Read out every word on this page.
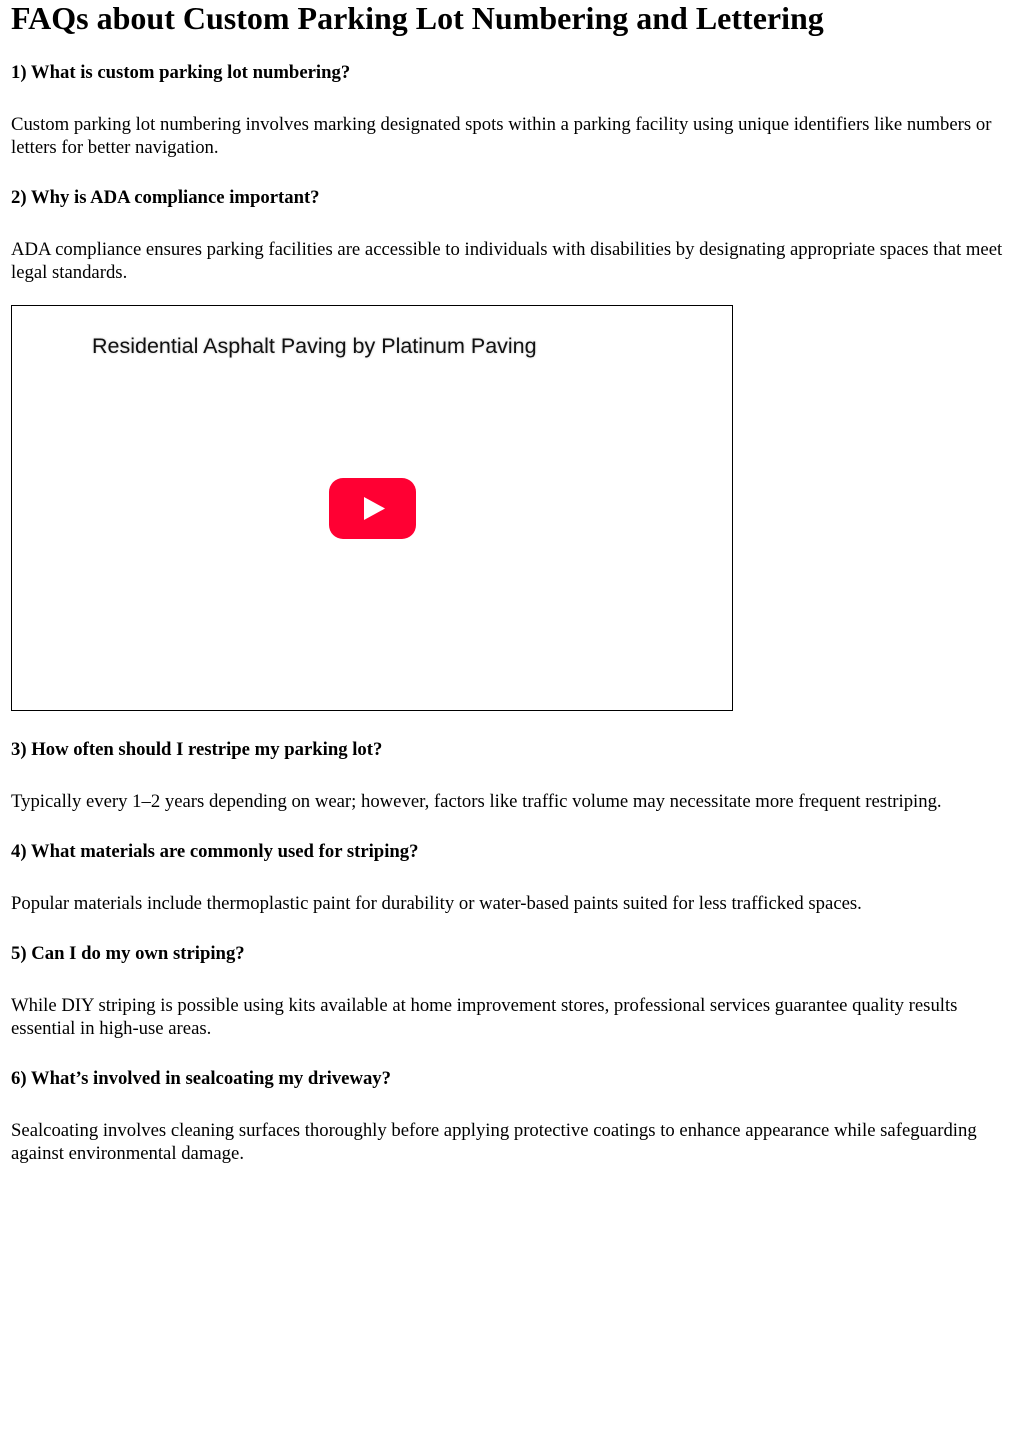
FAQs about Custom Parking Lot Numbering and Lettering
1) What is custom parking lot numbering?

Custom parking lot numbering involves marking designated spots within a parking facility using unique identifiers like numbers or letters for better navigation.

2) Why is ADA compliance important?

ADA compliance ensures parking facilities are accessible to individuals with disabilities by designating appropriate spaces that meet legal standards.

Residential Asphalt Paving by Platinum Paving
3) How often should I restripe my parking lot?

Typically every 1–2 years depending on wear; however, factors like traffic volume may necessitate more frequent restriping.

4) What materials are commonly used for striping?

Popular materials include thermoplastic paint for durability or water-based paints suited for less trafficked spaces.

5) Can I do my own striping?

While DIY striping is possible using kits available at home improvement stores, professional services guarantee quality results essential in high-use areas.

6) What’s involved in sealcoating my driveway?

Sealcoating involves cleaning surfaces thoroughly before applying protective coatings to enhance appearance while safeguarding against environmental damage.
